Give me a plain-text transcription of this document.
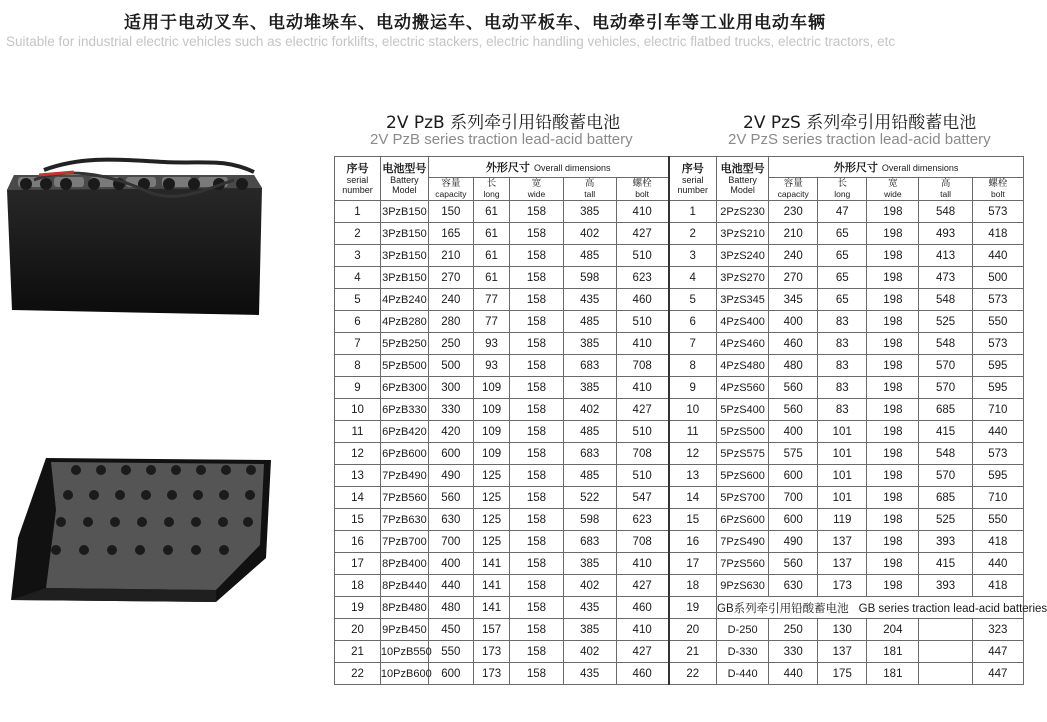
适用于电动叉车、电动堆垛车、电动搬运车、电动平板车、电动牵引车等工业用电动车辆
Suitable for industrial electric vehicles such as electric forklifts, electric stackers, electric handling vehicles, electric flatbed trucks, electric tractors, etc
2V PzB 系列牵引用铅酸蓄电池
2V PzB series traction lead-acid battery
2V PzS 系列牵引用铅酸蓄电池
2V PzS series traction lead-acid battery
序号
serial
number	电池型号
Battery
Model	外形尺寸 Overall dimensions					序号
serial
number	电池型号
Battery
Model	外形尺寸 Overall dimensions				

		容量
capacity	长
long	宽
wide	高
tall	螺栓
bolt			容量
capacity	长
long	宽
wide	高
tall	螺栓
bolt

1	3PzB150	150	61	158	385	410	1	2PzS230	230	47	198	548	573
2	3PzB150	165	61	158	402	427	2	3PzS210	210	65	198	493	418
3	3PzB150	210	61	158	485	510	3	3PzS240	240	65	198	413	440
4	3PzB150	270	61	158	598	623	4	3PzS270	270	65	198	473	500
5	4PzB240	240	77	158	435	460	5	3PzS345	345	65	198	548	573
6	4PzB280	280	77	158	485	510	6	4PzS400	400	83	198	525	550
7	5PzB250	250	93	158	385	410	7	4PzS460	460	83	198	548	573
8	5PzB500	500	93	158	683	708	8	4PzS480	480	83	198	570	595
9	6PzB300	300	109	158	385	410	9	4PzS560	560	83	198	570	595
10	6PzB330	330	109	158	402	427	10	5PzS400	560	83	198	685	710
11	6PzB420	420	109	158	485	510	11	5PzS500	400	101	198	415	440
12	6PzB600	600	109	158	683	708	12	5PzS575	575	101	198	548	573
13	7PzB490	490	125	158	485	510	13	5PzS600	600	101	198	570	595
14	7PzB560	560	125	158	522	547	14	5PzS700	700	101	198	685	710
15	7PzB630	630	125	158	598	623	15	6PzS600	600	119	198	525	550
16	7PzB700	700	125	158	683	708	16	7PzS490	490	137	198	393	418
17	8PzB400	400	141	158	385	410	17	7PzS560	560	137	198	415	440
18	8PzB440	440	141	158	402	427	18	9PzS630	630	173	198	393	418
19	8PzB480	480	141	158	435	460	19	GB系列牵引用铅酸蓄电池 GB series traction lead-acid batteries					
20	9PzB450	450	157	158	385	410	20	D-250	250	130	204		323
21	10PzB550	550	173	158	402	427	21	D-330	330	137	181		447
22	10PzB600	600	173	158	435	460	22	D-440	440	175	181		447
